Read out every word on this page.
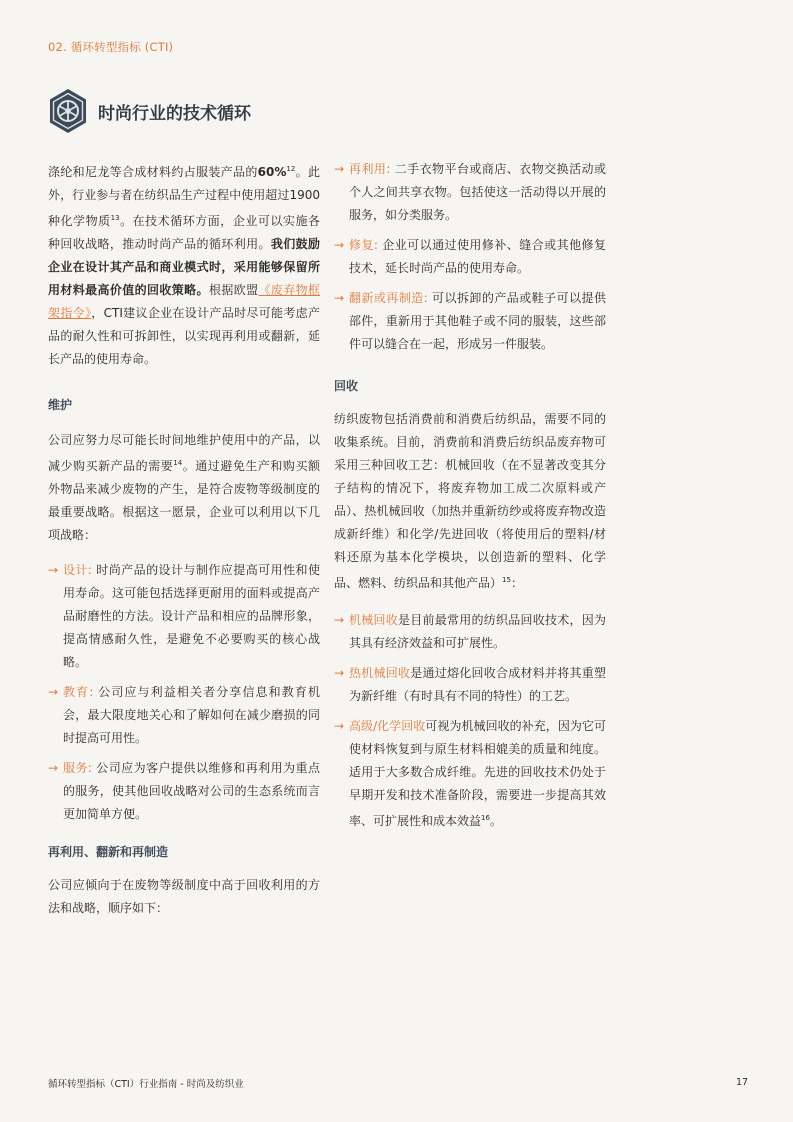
02. 循环转型指标 (CTI)
时尚行业的技术循环

涤纶和尼龙等合成材料约占服装产品的60%$^{12}$。此外，行业参与者在纺织品生产过程中使用超过1900种化学物质$^{13}$。在技术循环方面，企业可以实施各种回收战略，推动时尚产品的循环利用。我们鼓励企业在设计其产品和商业模式时，采用能够保留所用材料最高价值的回收策略。根据欧盟《废弃物框架指令》，CTI建议企业在设计产品时尽可能考虑产品的耐久性和可拆卸性，以实现再利用或翻新，延长产品的使用寿命。

维护

公司应努力尽可能长时间地维护使用中的产品，以减少购买新产品的需要$^{14}$。通过避免生产和购买额外物品来减少废物的产生，是符合废物等级制度的最重要战略。根据这一愿景，企业可以利用以下几项战略：

→ 设计: 时尚产品的设计与制作应提高可用性和使用寿命。这可能包括选择更耐用的面料或提高产品耐磨性的方法。设计产品和相应的品牌形象，提高情感耐久性，是避免不必要购买的核心战略。
→ 教育: 公司应与利益相关者分享信息和教育机会，最大限度地关心和了解如何在减少磨损的同时提高可用性。
→ 服务: 公司应为客户提供以维修和再利用为重点的服务，使其他回收战略对公司的生态系统而言更加简单方便。
再利用、翻新和再制造

公司应倾向于在废物等级制度中高于回收利用的方法和战略，顺序如下：

→ 再利用: 二手衣物平台或商店、衣物交换活动或个人之间共享衣物。包括使这一活动得以开展的服务，如分类服务。
→ 修复: 企业可以通过使用修补、缝合或其他修复技术，延长时尚产品的使用寿命。
→ 翻新或再制造: 可以拆卸的产品或鞋子可以提供部件，重新用于其他鞋子或不同的服装，这些部件可以缝合在一起，形成另一件服装。
回收

纺织废物包括消费前和消费后纺织品，需要不同的收集系统。目前，消费前和消费后纺织品废弃物可采用三种回收工艺：机械回收（在不显著改变其分子结构的情况下，将废弃物加工成二次原料或产品）、热机械回收（加热并重新纺纱或将废弃物改造成新纤维）和化学/先进回收（将使用后的塑料/材料还原为基本化学模块，以创造新的塑料、化学品、燃料、纺织品和其他产品）$^{15}$：

→ 机械回收是目前最常用的纺织品回收技术，因为其具有经济效益和可扩展性。
→ 热机械回收是通过熔化回收合成材料并将其重塑为新纤维（有时具有不同的特性）的工艺。
→ 高级/化学回收可视为机械回收的补充，因为它可使材料恢复到与原生材料相媲美的质量和纯度。适用于大多数合成纤维。先进的回收技术仍处于早期开发和技术准备阶段，需要进一步提高其效率、可扩展性和成本效益$^{16}$。
循环转型指标（CTI）行业指南 - 时尚及纺织业	17
